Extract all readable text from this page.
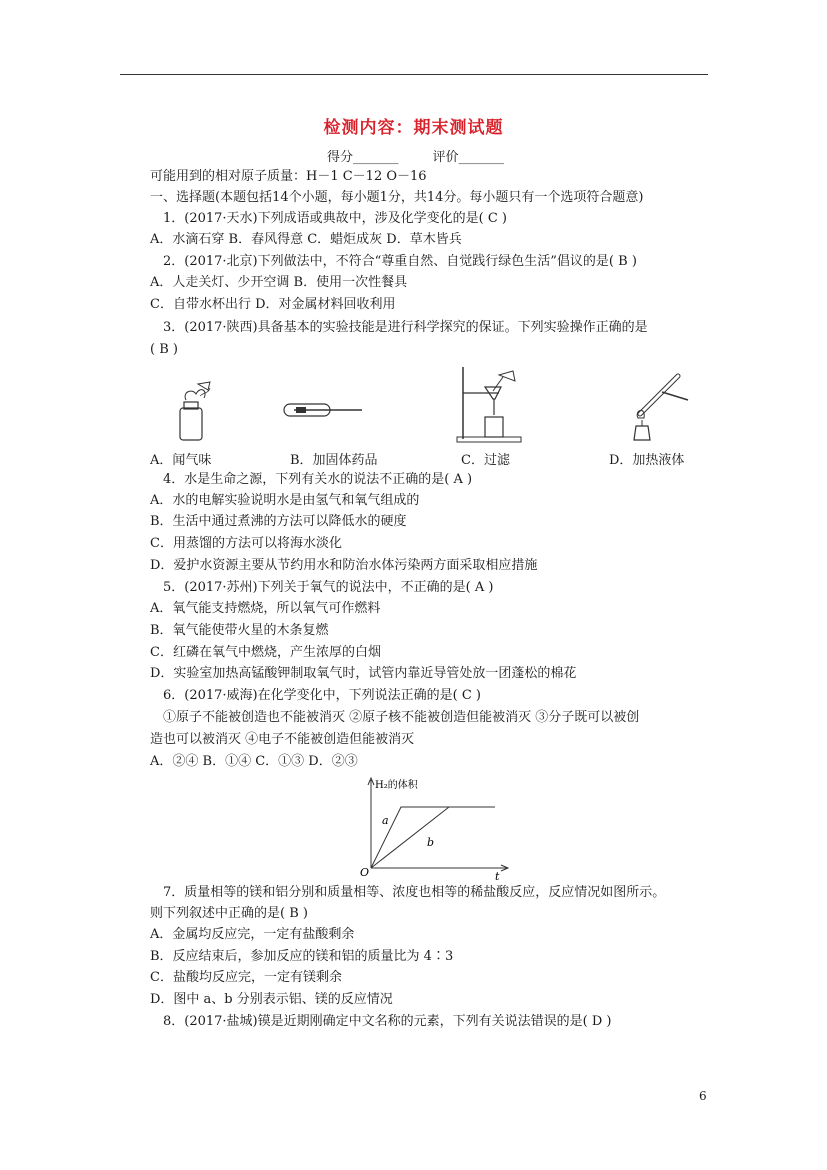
检测内容：期末测试题
得分_______	评价_______
可能用到的相对原子质量：H－1 C－12 O－16
一、选择题(本题包括14个小题，每小题1分，共14分。每小题只有一个选项符合题意)
1．(2017·天水)下列成语或典故中，涉及化学变化的是( C )
A．水滴石穿 B．春风得意 C．蜡炬成灰 D．草木皆兵
2．(2017·北京)下列做法中，不符合“尊重自然、自觉践行绿色生活”倡议的是( B )
A．人走关灯、少开空调 B．使用一次性餐具
C．自带水杯出行 D．对金属材料回收利用
3．(2017·陕西)具备基本的实验技能是进行科学探究的保证。下列实验操作正确的是
( B )
A．闻气味	B．加固体药品	C．过滤	D．加热液体
4．水是生命之源，下列有关水的说法不正确的是( A )
A．水的电解实验说明水是由氢气和氧气组成的
B．生活中通过煮沸的方法可以降低水的硬度
C．用蒸馏的方法可以将海水淡化
D．爱护水资源主要从节约用水和防治水体污染两方面采取相应措施
5．(2017·苏州)下列关于氧气的说法中，不正确的是( A )
A．氧气能支持燃烧，所以氧气可作燃料
B．氧气能使带火星的木条复燃
C．红磷在氧气中燃烧，产生浓厚的白烟
D．实验室加热高锰酸钾制取氧气时，试管内靠近导管处放一团蓬松的棉花
6．(2017·威海)在化学变化中，下列说法正确的是( C )
①原子不能被创造也不能被消灭 ②原子核不能被创造但能被消灭 ③分子既可以被创
造也可以被消灭 ④电子不能被创造但能被消灭
A．②④ B．①④ C．①③ D．②③
H₂的体积
O	t
a
b
7．质量相等的镁和铝分别和质量相等、浓度也相等的稀盐酸反应，反应情况如图所示。
则下列叙述中正确的是( B )
A．金属均反应完，一定有盐酸剩余
B．反应结束后，参加反应的镁和铝的质量比为 4∶3
C．盐酸均反应完，一定有镁剩余
D．图中 a、b 分别表示铝、镁的反应情况
8．(2017·盐城)镆是近期刚确定中文名称的元素，下列有关说法错误的是( D )
6
